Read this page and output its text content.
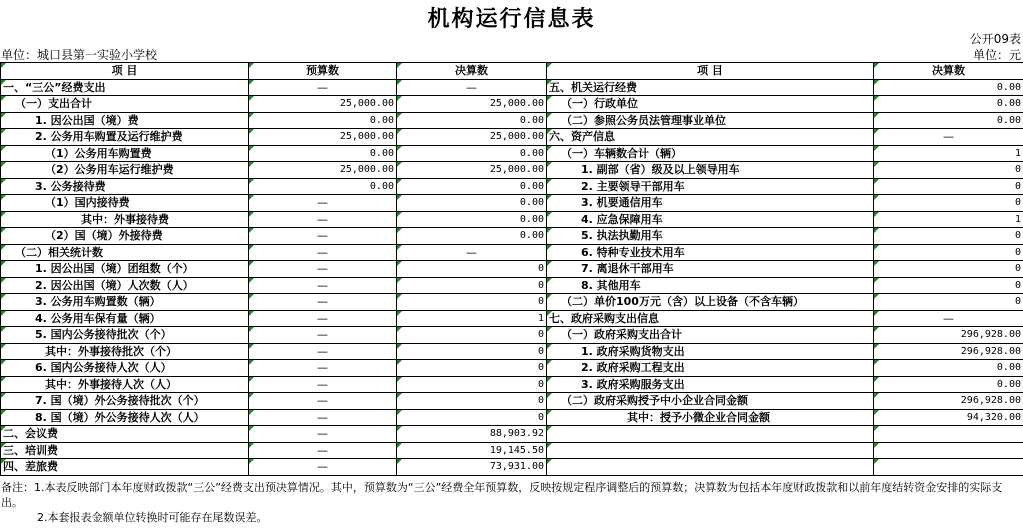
机构运行信息表
公开09表
单位：城口县第一实验小学校	单位：元
项 目	预算数	决算数	项 目	决算数
一、“三公”经费支出	—	—	五、机关运行经费	0.00
（一）支出合计	25,000.00	25,000.00	（一）行政单位	0.00
1. 因公出国（境）费	0.00	0.00	（二）参照公务员法管理事业单位	0.00
2. 公务用车购置及运行维护费	25,000.00	25,000.00	六、资产信息	—
（1）公务用车购置费	0.00	0.00	（一）车辆数合计（辆）	1
（2）公务用车运行维护费	25,000.00	25,000.00	1. 副部（省）级及以上领导用车	0
3. 公务接待费	0.00	0.00	2. 主要领导干部用车	0
（1）国内接待费	—	0.00	3. 机要通信用车	0
其中：外事接待费	—	0.00	4. 应急保障用车	1
（2）国（境）外接待费	—	0.00	5. 执法执勤用车	0
（二）相关统计数	—	—	6. 特种专业技术用车	0
1. 因公出国（境）团组数（个）	—	0	7. 离退休干部用车	0
2. 因公出国（境）人次数（人）	—	0	8. 其他用车	0
3. 公务用车购置数（辆）	—	0	（二）单价100万元（含）以上设备（不含车辆）	0
4. 公务用车保有量（辆）	—	1	七、政府采购支出信息	—
5. 国内公务接待批次（个）	—	0	（一）政府采购支出合计	296,928.00
其中：外事接待批次（个）	—	0	1. 政府采购货物支出	296,928.00
6. 国内公务接待人次（人）	—	0	2. 政府采购工程支出	0.00
其中：外事接待人次（人）	—	0	3. 政府采购服务支出	0.00
7. 国（境）外公务接待批次（个）	—	0	（二）政府采购授予中小企业合同金额	296,928.00
8. 国（境）外公务接待人次（人）	—	0	其中：授予小微企业合同金额	94,320.00
二、会议费	—	88,903.92		
三、培训费	—	19,145.50		
四、差旅费	—	73,931.00		
备注：1.本表反映部门本年度财政拨款“三公”经费支出预决算情况。其中，预算数为“三公”经费全年预算数，反映按规定程序调整后的预算数；决算数为包括本年度财政拨款和以前年度结转资金安排的实际支出。
2.本套报表金额单位转换时可能存在尾数误差。
